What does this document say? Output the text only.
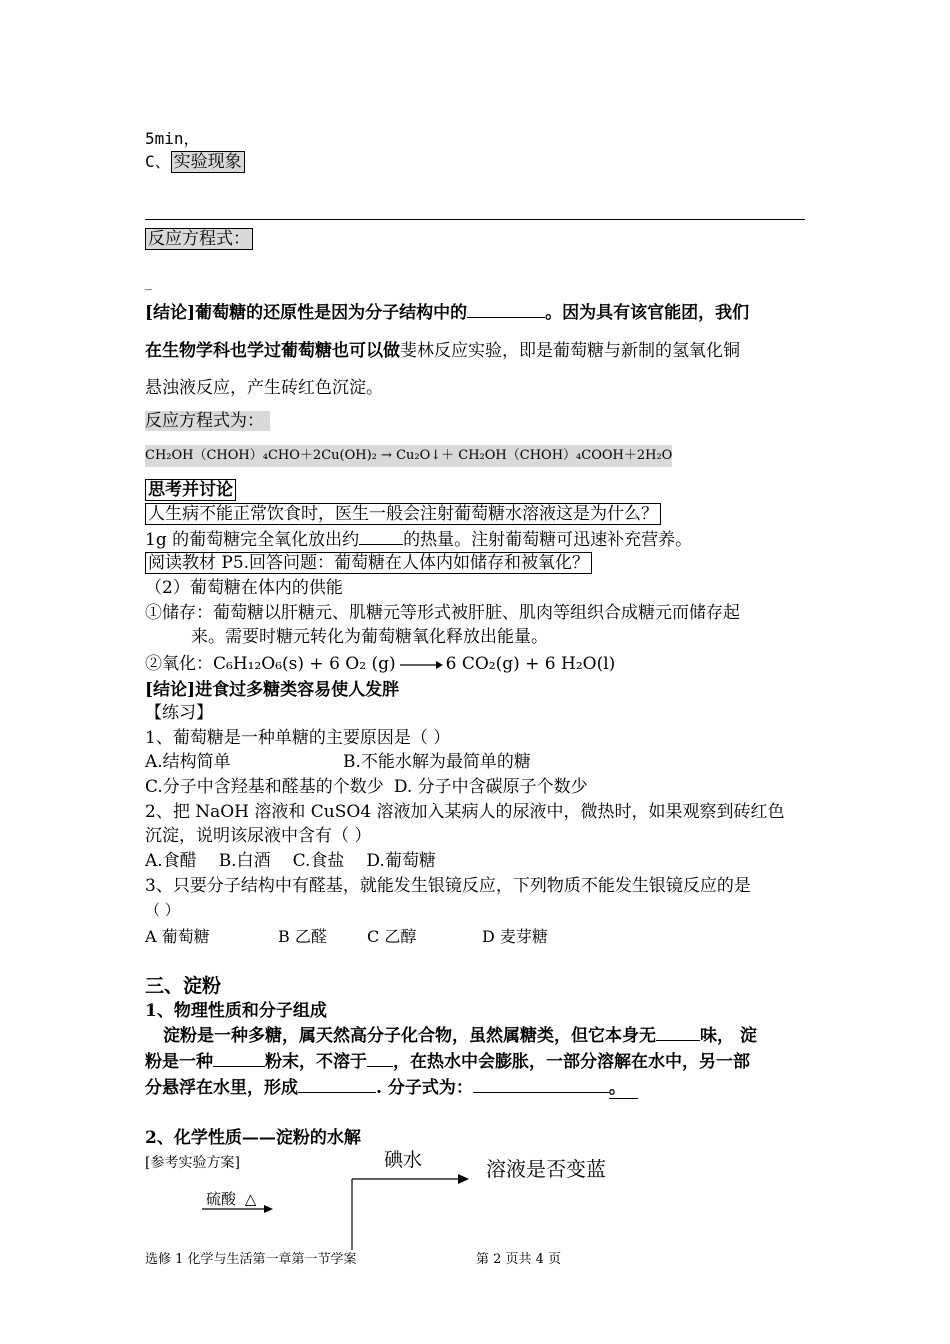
5min，
C、 实验现象
反应方程式：
_
[结论]葡萄糖的还原性是因为分子结构中的	。因为具有该官能团，我们
在生物学科也学过葡萄糖也可以做斐林反应实验，即是葡萄糖与新制的氢氧化铜
悬浊液反应，产生砖红色沉淀。
反应方程式为：
CH₂OH（CHOH）₄CHO＋2Cu(OH)₂ → Cu₂O↓＋ CH₂OH（CHOH）₄COOH＋2H₂O
思考并讨论
人生病不能正常饮食时，医生一般会注射葡萄糖水溶液这是为什么？
1g 的葡萄糖完全氧化放出约	的热量。注射葡萄糖可迅速补充营养。
阅读教材 P5.回答问题：葡萄糖在人体内如储存和被氧化？
（2）葡萄糖在体内的供能
①储存：葡萄糖以肝糖元、肌糖元等形式被肝脏、肌肉等组织合成糖元而储存起
来。需要时糖元转化为葡萄糖氧化释放出能量。
②氧化：C₆H₁₂O₆(s) + 6 O₂ (g) → 6 CO₂(g) + 6 H₂O(l)
[结论]进食过多糖类容易使人发胖
【练习】
1、葡萄糖是一种单糖的主要原因是（ ）
A.结构简单	B.不能水解为最简单的糖
C.分子中含羟基和醛基的个数少 D. 分子中含碳原子个数少
2、把 NaOH 溶液和 CuSO4 溶液加入某病人的尿液中，微热时，如果观察到砖红色
沉淀，说明该尿液中含有（ ）
A.食醋 B.白酒 C.食盐 D.葡萄糖
3、只要分子结构中有醛基，就能发生银镜反应，下列物质不能发生银镜反应的是
（ ）
A 葡萄糖	B 乙醛	C 乙醇	D 麦芽糖
三、淀粉
1、物理性质和分子组成
淀粉是一种多糖，属天然高分子化合物，虽然属糖类，但它本身无	味， 淀
粉是一种	粉末，不溶于 ，在热水中会膨胀，一部分溶解在水中，另一部
分悬浮在水里，形成	. 分子式为：	。
2、化学性质——淀粉的水解
[参考实验方案]	碘水	溶液是否变蓝
硫酸 △
选修 1 化学与生活第一章第一节学案	第 2 页共 4 页
